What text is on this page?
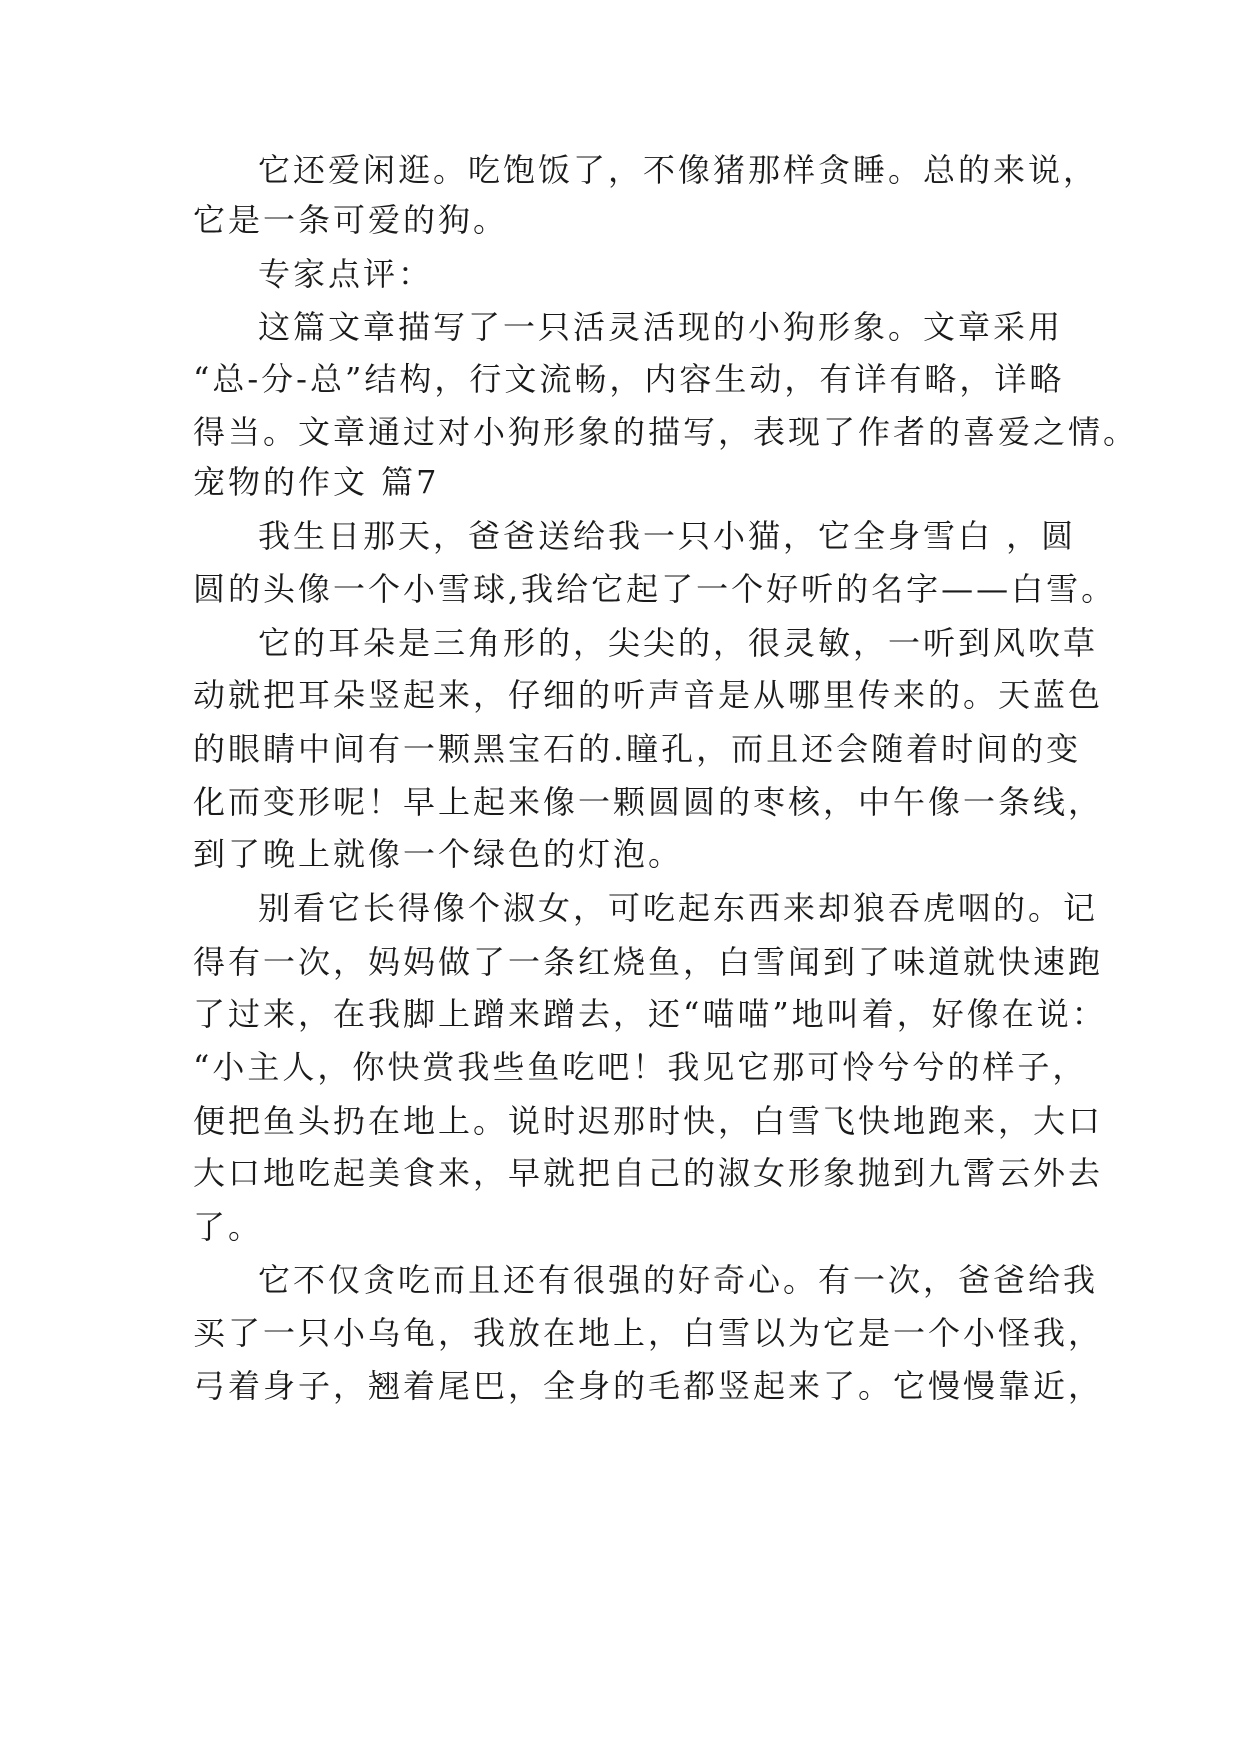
它还爱闲逛。吃饱饭了，不像猪那样贪睡。总的来说，
它是一条可爱的狗。
专家点评：
这篇文章描写了一只活灵活现的小狗形象。文章采用
“总-分-总”结构，行文流畅，内容生动，有详有略，详略
得当。文章通过对小狗形象的描写，表现了作者的喜爱之情。
宠物的作文 篇7
我生日那天，爸爸送给我一只小猫，它全身雪白 ，圆
圆的头像一个小雪球,我给它起了一个好听的名字——白雪。
它的耳朵是三角形的，尖尖的，很灵敏，一听到风吹草
动就把耳朵竖起来，仔细的听声音是从哪里传来的。天蓝色
的眼睛中间有一颗黑宝石的.瞳孔，而且还会随着时间的变
化而变形呢！早上起来像一颗圆圆的枣核，中午像一条线，
到了晚上就像一个绿色的灯泡。
别看它长得像个淑女，可吃起东西来却狼吞虎咽的。记
得有一次，妈妈做了一条红烧鱼，白雪闻到了味道就快速跑
了过来，在我脚上蹭来蹭去，还“喵喵”地叫着，好像在说：
“小主人，你快赏我些鱼吃吧！我见它那可怜兮兮的样子，
便把鱼头扔在地上。说时迟那时快，白雪飞快地跑来，大口
大口地吃起美食来，早就把自己的淑女形象抛到九霄云外去
了。
它不仅贪吃而且还有很强的好奇心。有一次，爸爸给我
买了一只小乌龟，我放在地上，白雪以为它是一个小怪我，
弓着身子，翘着尾巴，全身的毛都竖起来了。它慢慢靠近，
